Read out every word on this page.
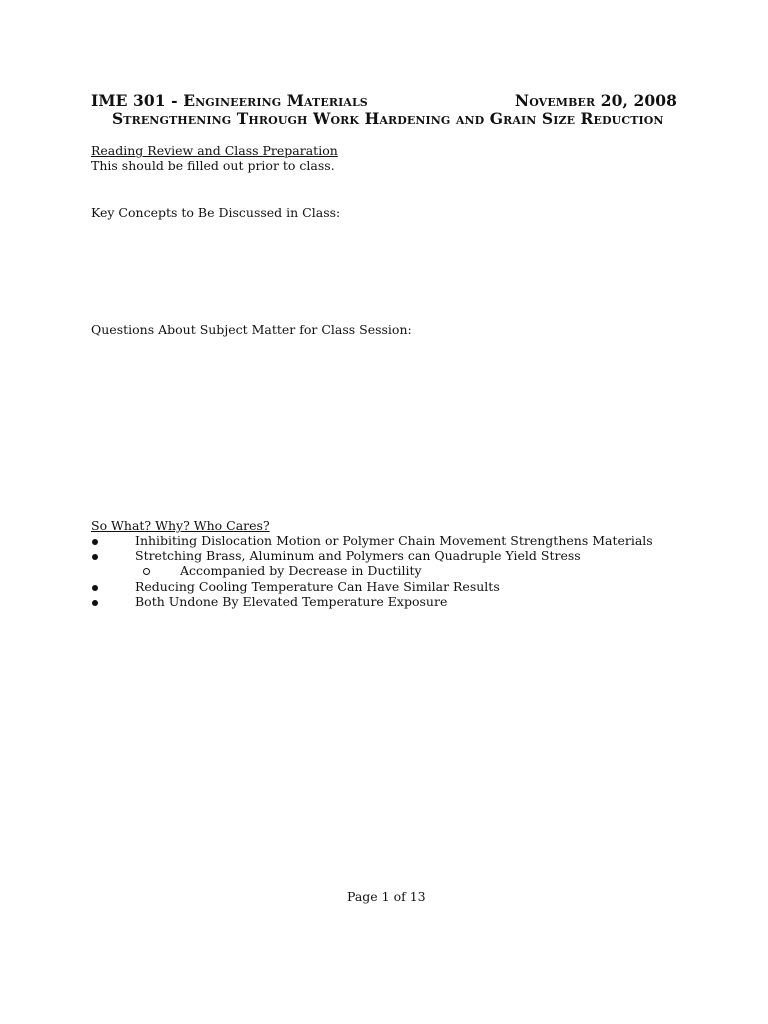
IME 301 - Engineering Materials	November 20, 2008
Strengthening Through Work Hardening and Grain Size Reduction
Reading Review and Class Preparation
This should be filled out prior to class.
Key Concepts to Be Discussed in Class:
Questions About Subject Matter for Class Session:
So What? Why? Who Cares?
Inhibiting Dislocation Motion or Polymer Chain Movement Strengthens Materials
Stretching Brass, Aluminum and Polymers can Quadruple Yield Stress
Accompanied by Decrease in Ductility
Reducing Cooling Temperature Can Have Similar Results
Both Undone By Elevated Temperature Exposure
Page 1 of 13
